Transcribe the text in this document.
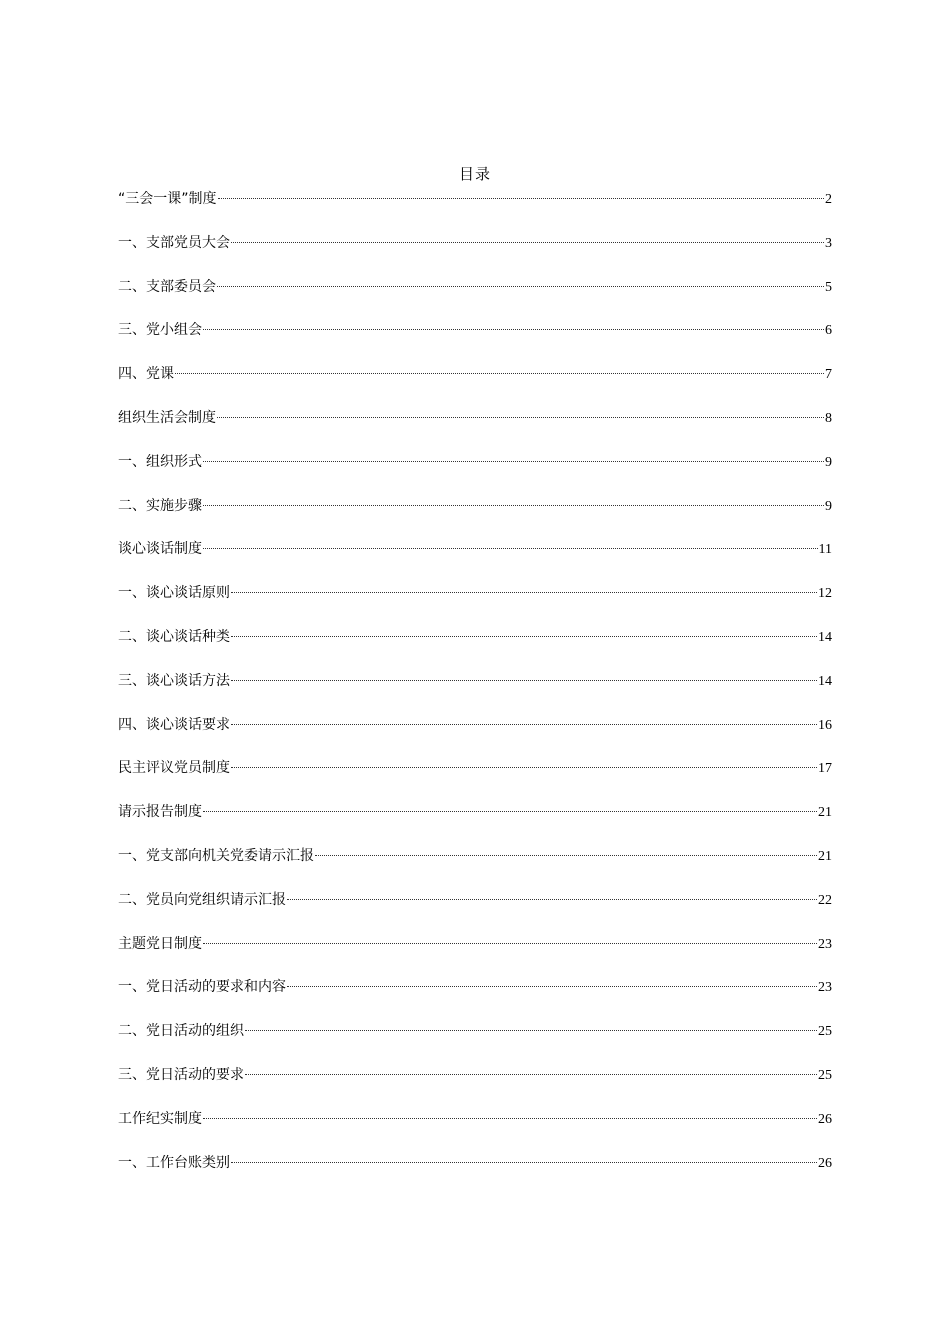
目录
“三会一课”制度	2
一、支部党员大会	3
二、支部委员会	5
三、党小组会	6
四、党课	7
组织生活会制度	8
一、组织形式	9
二、实施步骤	9
谈心谈话制度	11
一、谈心谈话原则	12
二、谈心谈话种类	14
三、谈心谈话方法	14
四、谈心谈话要求	16
民主评议党员制度	17
请示报告制度	21
一、党支部向机关党委请示汇报	21
二、党员向党组织请示汇报	22
主题党日制度	23
一、党日活动的要求和内容	23
二、党日活动的组织	25
三、党日活动的要求	25
工作纪实制度	26
一、工作台账类别	26
